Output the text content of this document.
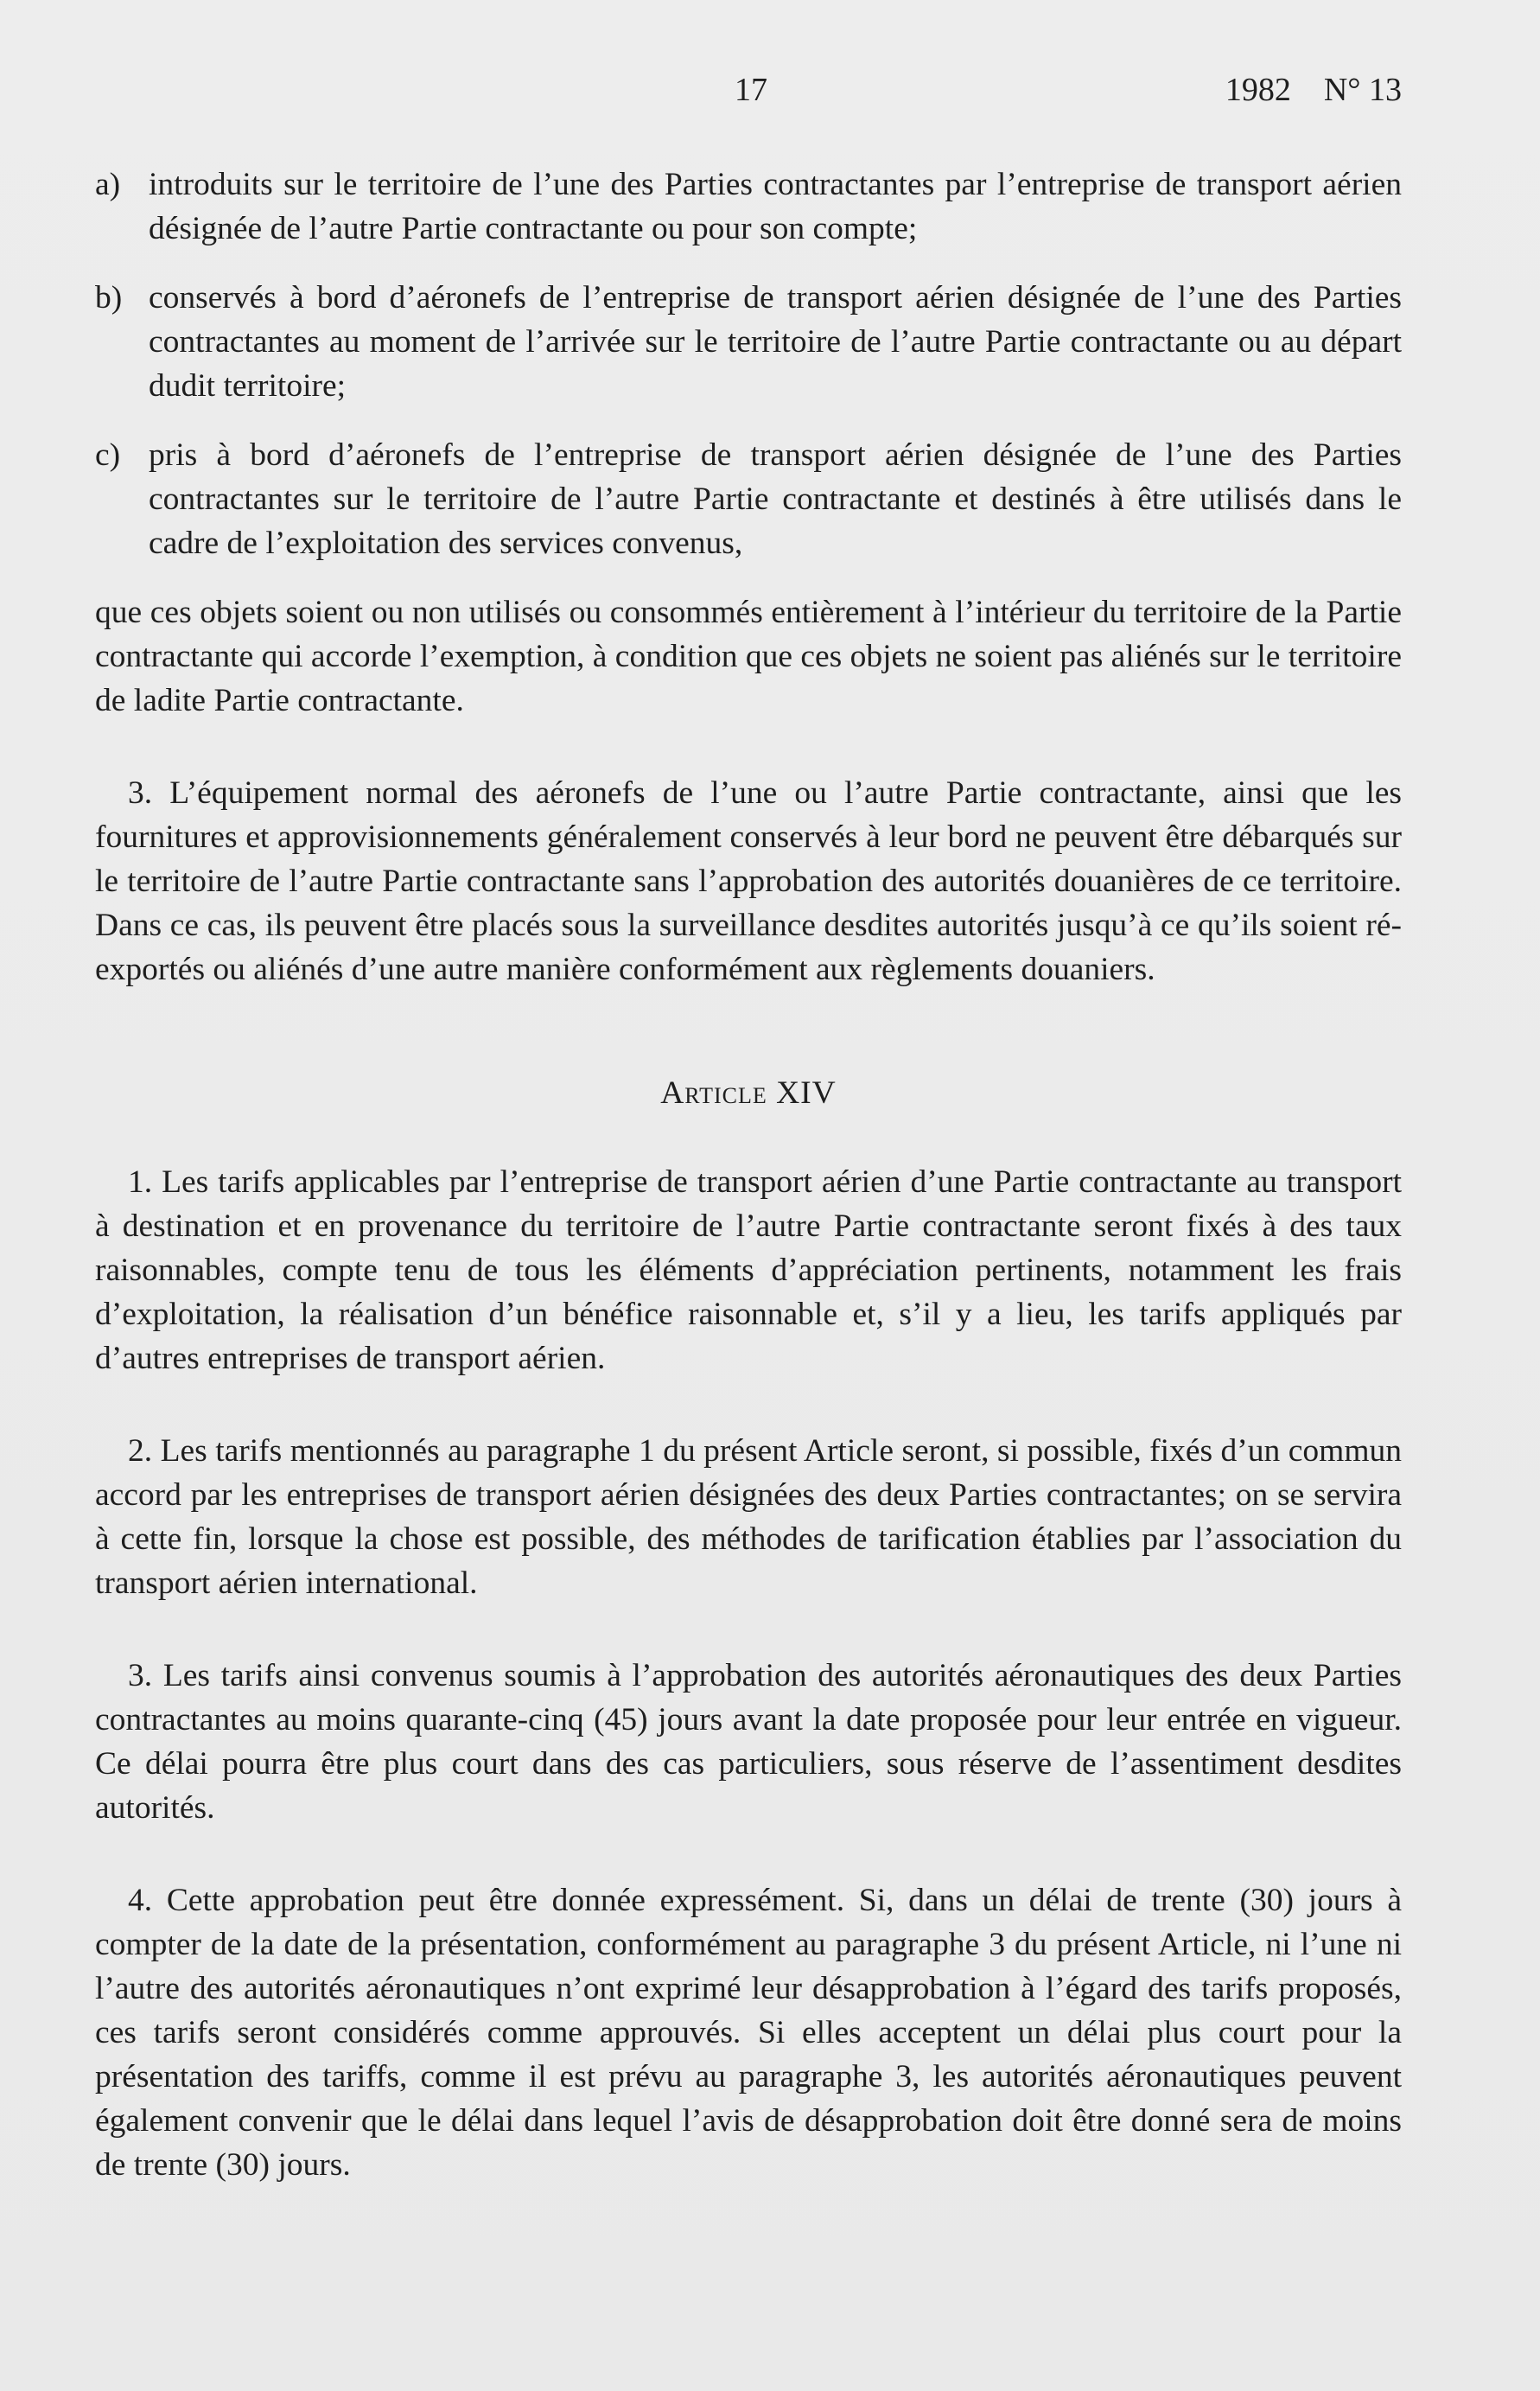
17	1982    N° 13
a) introduits sur le territoire de l’une des Parties contractantes par l’entreprise de transport aérien désignée de l’autre Partie contractante ou pour son compte;
b) conservés à bord d’aéronefs de l’entreprise de transport aérien désignée de l’une des Parties contractantes au moment de l’arrivée sur le territoire de l’autre Partie contractante ou au départ dudit territoire;
c) pris à bord d’aéronefs de l’entreprise de transport aérien désignée de l’une des Parties contractantes sur le territoire de l’autre Partie contractante et destinés à être utilisés dans le cadre de l’exploitation des services convenus,

que ces objets soient ou non utilisés ou consommés entièrement à l’intérieur du territoire de la Partie contractante qui accorde l’exemption, à condition que ces objets ne soient pas aliénés sur le territoire de ladite Partie contractante.

3. L’équipement normal des aéronefs de l’une ou l’autre Partie contractante, ainsi que les fournitures et approvisionnements généralement conservés à leur bord ne peuvent être débarqués sur le territoire de l’autre Partie contractante sans l’approbation des autorités douanières de ce territoire. Dans ce cas, ils peuvent être placés sous la surveillance desdites autorités jusqu’à ce qu’ils soient ré-exportés ou aliénés d’une autre manière conformément aux règlements douaniers.

Article XIV

1. Les tarifs applicables par l’entreprise de transport aérien d’une Partie contractante au transport à destination et en provenance du territoire de l’autre Partie contractante seront fixés à des taux raisonnables, compte tenu de tous les éléments d’appréciation pertinents, notamment les frais d’exploitation, la réalisation d’un bénéfice raisonnable et, s’il y a lieu, les tarifs appliqués par d’autres entreprises de transport aérien.

2. Les tarifs mentionnés au paragraphe 1 du présent Article seront, si possible, fixés d’un commun accord par les entreprises de transport aérien désignées des deux Parties contractantes; on se servira à cette fin, lorsque la chose est possible, des méthodes de tarification établies par l’association du transport aérien international.

3. Les tarifs ainsi convenus soumis à l’approbation des autorités aéronautiques des deux Parties contractantes au moins quarante-cinq (45) jours avant la date proposée pour leur entrée en vigueur. Ce délai pourra être plus court dans des cas particuliers, sous réserve de l’assentiment desdites autorités.

4. Cette approbation peut être donnée expressément. Si, dans un délai de trente (30) jours à compter de la date de la présentation, conformément au paragraphe 3 du présent Article, ni l’une ni l’autre des autorités aéronautiques n’ont exprimé leur désapprobation à l’égard des tarifs proposés, ces tarifs seront considérés comme approuvés. Si elles acceptent un délai plus court pour la présentation des tariffs, comme il est prévu au paragraphe 3, les autorités aéronautiques peuvent également convenir que le délai dans lequel l’avis de désapprobation doit être donné sera de moins de trente (30) jours.
